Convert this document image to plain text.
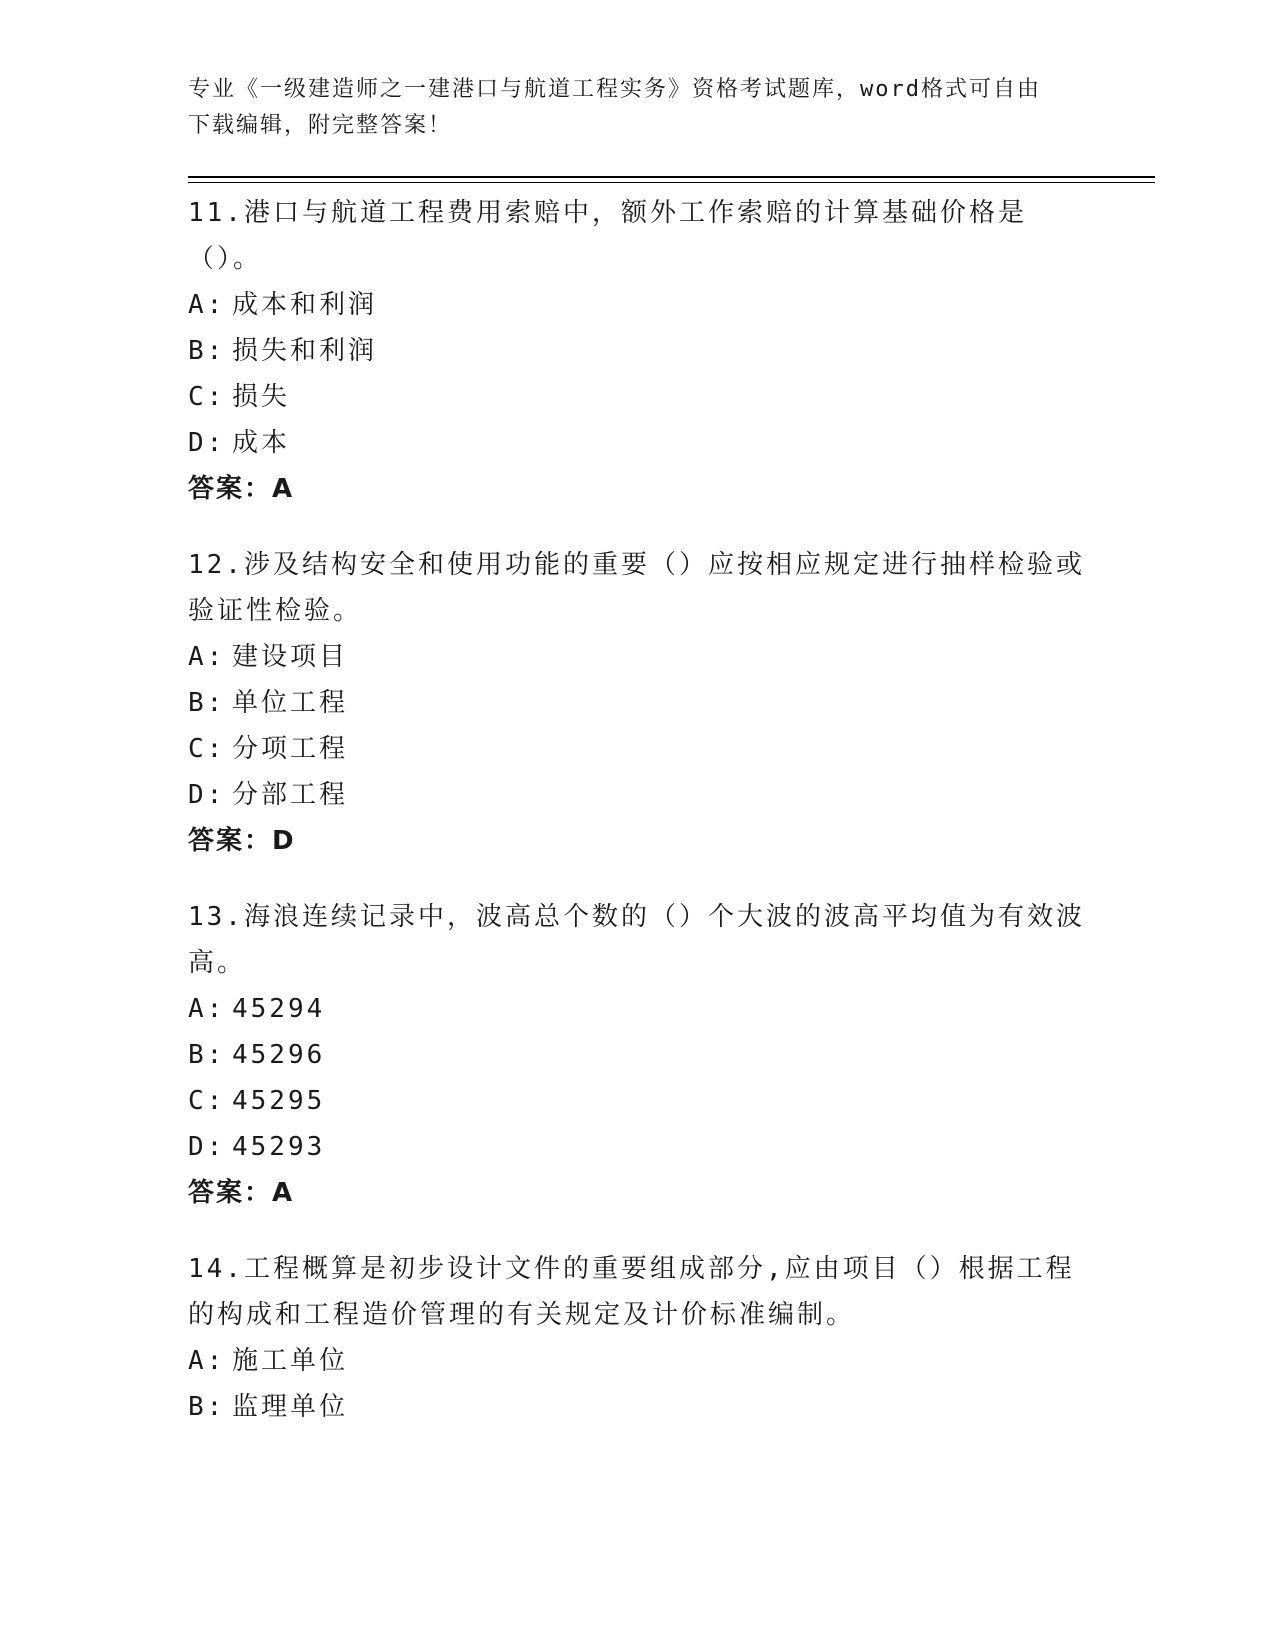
专业《一级建造师之一建港口与航道工程实务》资格考试题库，word格式可自由
下载编辑，附完整答案！

11.港口与航道工程费用索赔中，额外工作索赔的计算基础价格是（）。

A: 成本和利润

B: 损失和利润

C: 损失

D: 成本

答案：A

12.涉及结构安全和使用功能的重要（）应按相应规定进行抽样检验或验证性检验。

A: 建设项目

B: 单位工程

C: 分项工程

D: 分部工程

答案：D

13.海浪连续记录中，波高总个数的（）个大波的波高平均值为有效波高。

A: 45294

B: 45296

C: 45295

D: 45293

答案：A

14.工程概算是初步设计文件的重要组成部分,应由项目（）根据工程的构成和工程造价管理的有关规定及计价标准编制。

A: 施工单位

B: 监理单位
